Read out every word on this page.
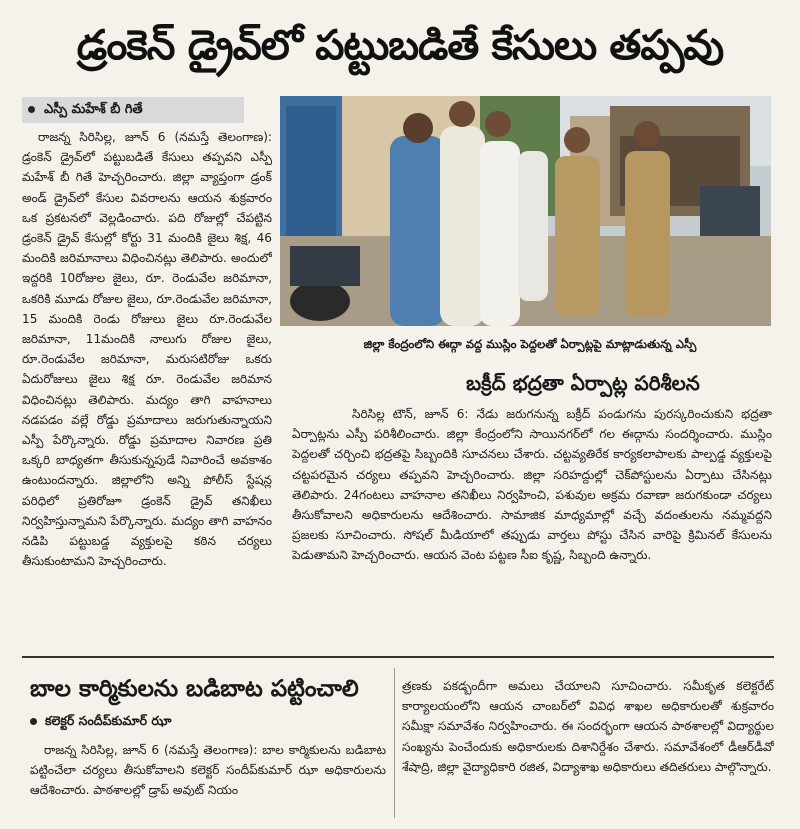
డ్రంకెన్ డ్రైవ్‌లో పట్టుబడితే కేసులు తప్పవు
ఎస్పీ మహేశ్ బీ గితే

రాజన్న సిరిసిల్ల, జూన్ 6 (నమస్తే తెలంగాణ): డ్రంకెన్ డ్రైవ్‌లో పట్టుబడితే కేసులు తప్పవని ఎస్పీ మహేశ్ బీ గితే హెచ్చరించారు. జిల్లా వ్యాప్తంగా డ్రంక్ అండ్ డ్రైవ్‌లో కేసుల వివరాలను ఆయన శుక్రవారం ఒక ప్రకటనలో వెల్లడించారు. పది రోజుల్లో చేపట్టిన డ్రంకెన్ డ్రైవ్ కేసుల్లో కోర్టు 31 మందికి జైలు శిక్ష, 46 మందికి జరిమానాలు విధించినట్లు తెలిపారు. అందులో ఇద్దరికి 10రోజుల జైలు, రూ. రెండువేల జరిమానా, ఒకరికి మూడు రోజుల జైలు, రూ.రెండువేల జరిమానా, 15 మందికి రెండు రోజులు జైలు రూ.రెండువేల జరిమానా, 11మందికి నాలుగు రోజుల జైలు, రూ.రెండువేల జరిమానా, మరుసటిరోజు ఒకరు ఏదురోజులు జైలు శిక్ష రూ. రెండువేల జరిమాన విధించినట్లు తెలిపారు. మద్యం తాగి వాహనాలు నడపడం వల్లే రోడ్డు ప్రమాదాలు జరుగుతున్నాయని ఎస్పీ పేర్కొన్నారు. రోడ్డు ప్రమాదాల నివారణ ప్రతి ఒక్కరి బాధ్యతగా తీసుకున్నపుడే నివారించే అవకాశం ఉంటుందన్నారు. జిల్లాలోని అన్ని పోలీస్ స్టేషన్ల పరిధిలో ప్రతిరోజూ డ్రంకెన్ డ్రైవ్ తనిఖీలు నిర్వహిస్తున్నామని పేర్కొన్నారు. మద్యం తాగి వాహనం నడిపి పట్టుబడ్డ వ్యక్తులపై కఠిన చర్యలు తీసుకుంటామని హెచ్చరించారు.

జిల్లా కేంద్రంలోని ఈద్గా వద్ద ముస్లిం పెద్దలతో ఏర్పాట్లపై మాట్లాడుతున్న ఎస్పీ
బక్రీద్ భద్రతా ఏర్పాట్ల పరిశీలన

సిరిసిల్ల టౌన్, జూన్ 6: నేడు జరుగనున్న బక్రీద్ పండుగను పురస్కరించుకుని భద్రతా ఏర్పాట్లను ఎస్పీ పరిశీలించారు. జిల్లా కేంద్రంలోని సాయినగర్‌లో గల ఈద్గాను సందర్శించారు. ముస్లిం పెద్దలతో చర్చించి భద్రతపై సిబ్బందికి సూచనలు చేశారు. చట్టవ్యతిరేక కార్యకలాపాలకు పాల్పడ్డ వ్యక్తులపై చట్టపరమైన చర్యలు తప్పవని హెచ్చరించారు. జిల్లా సరిహద్దుల్లో చెక్‌పోస్టులను ఏర్పాటు చేసినట్లు తెలిపారు. 24గంటలు వాహనాల తనిఖీలు నిర్వహించి, పశువుల అక్రమ రవాణా జరుగకుండా చర్యలు తీసుకోవాలని అధికారులను ఆదేశించారు. సామాజిక మాధ్యమాల్లో వచ్చే వదంతులను నమ్మవద్దని ప్రజలకు సూచించారు. సోషల్ మీడియాలో తప్పుడు వార్తలు పోస్టు చేసిన వారిపై క్రిమినల్ కేసులను పెడుతామని హెచ్చరించారు. ఆయన వెంట పట్టణ సీఐ కృష్ణ, సిబ్బంది ఉన్నారు.

బాల కార్మికులను బడిబాట పట్టించాలి
కలెక్టర్ సందీప్‌కుమార్ ఝా

రాజన్న సిరిసిల్ల, జూన్ 6 (నమస్తే తెలంగాణ): బాల కార్మికులను బడిబాట పట్టించేలా చర్యలు తీసుకోవాలని కలెక్టర్ సందీప్‌కుమార్ ఝా అధికారులను ఆదేశించారు. పాఠశాలల్లో డ్రాప్ అవుట్ నియం

త్రణకు పకడ్బందీగా అమలు చేయాలని సూచించారు. సమీకృత కలెక్టరేట్ కార్యాలయంలోని ఆయన చాంబర్‌లో వివిధ శాఖల అధికారులతో శుక్రవారం సమీక్షా సమావేశం నిర్వహించారు. ఈ సందర్భంగా ఆయన పాఠశాలల్లో విద్యార్థుల సంఖ్యను పెంచేందుకు అధికారులకు దిశానిర్దేశం చేశారు. సమావేశంలో డీఆర్‌డీవో శేషాద్రి, జిల్లా వైద్యాధికారి రజిత, విద్యాశాఖ అధికారులు తదితరులు పాల్గొన్నారు.
